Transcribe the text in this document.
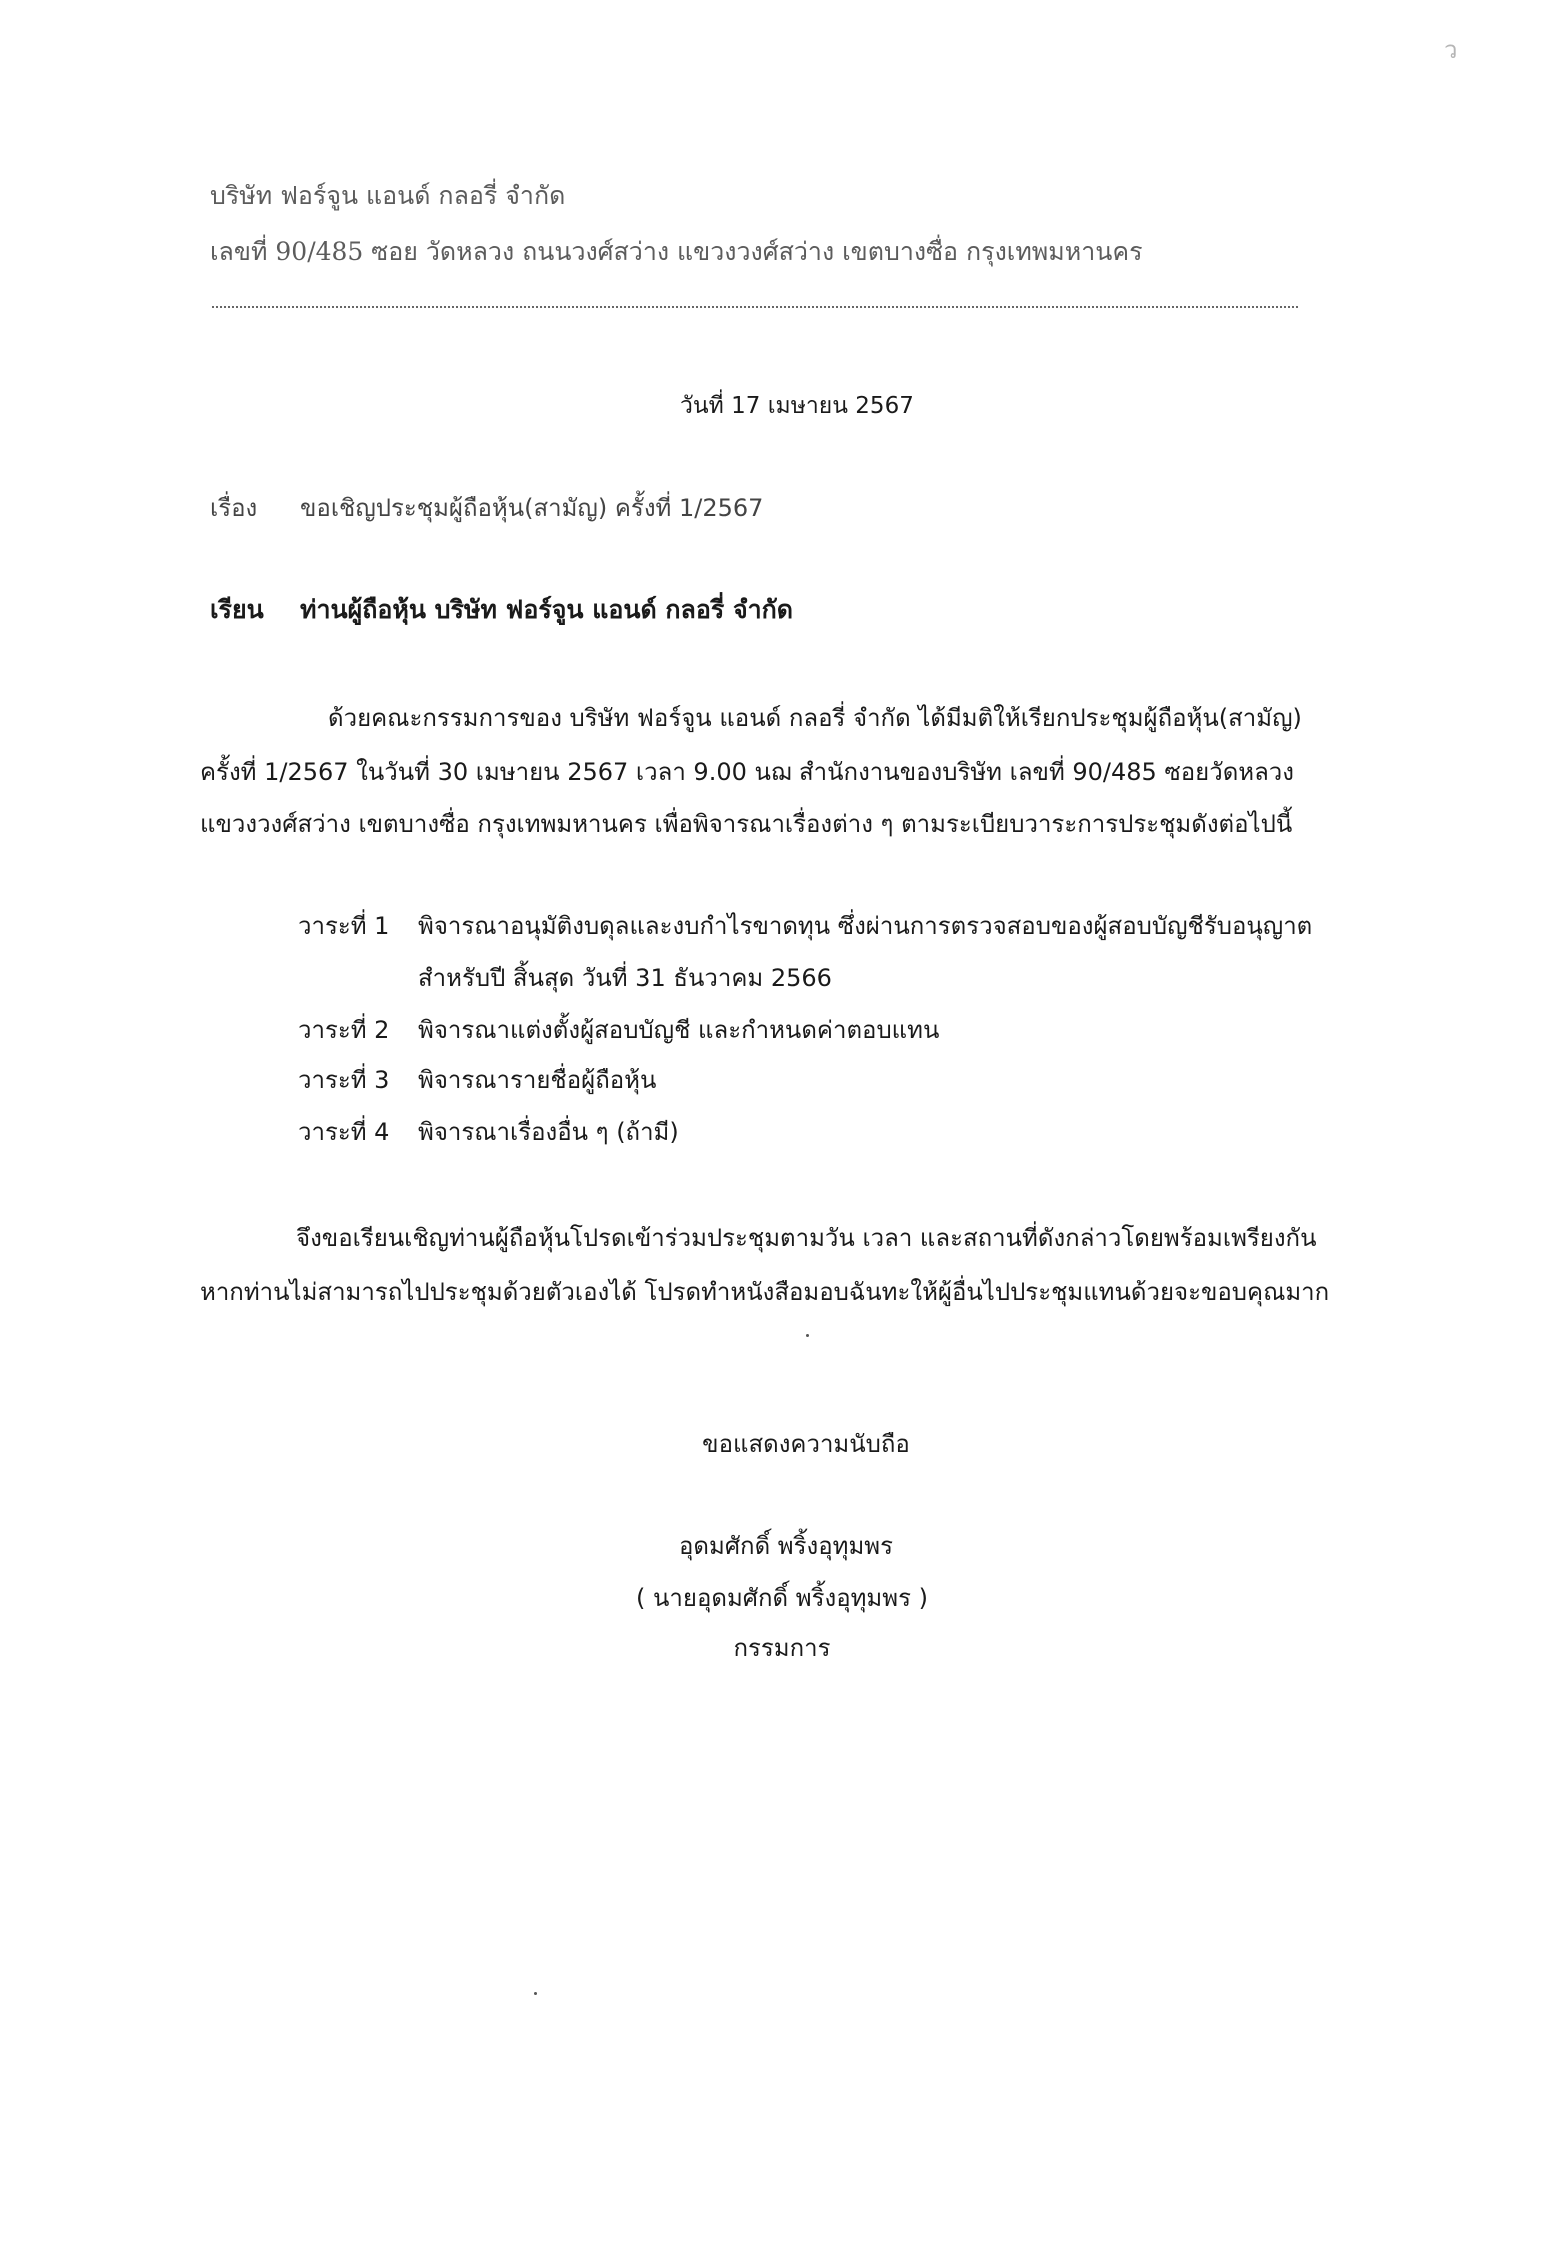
ว
บริษัท ฟอร์จูน แอนด์ กลอรี่ จำกัด
เลขที่ 90/485 ซอย วัดหลวง ถนนวงศ์สว่าง แขวงวงศ์สว่าง เขตบางซื่อ กรุงเทพมหานคร
วันที่ 17 เมษายน 2567
เรื่อง ขอเชิญประชุมผู้ถือหุ้น(สามัญ) ครั้งที่ 1/2567
เรียน ท่านผู้ถือหุ้น บริษัท ฟอร์จูน แอนด์ กลอรี่ จำกัด
ด้วยคณะกรรมการของ บริษัท ฟอร์จูน แอนด์ กลอรี่ จำกัด ได้มีมติให้เรียกประชุมผู้ถือหุ้น(สามัญ)
ครั้งที่ 1/2567 ในวันที่ 30 เมษายน 2567 เวลา 9.00 นฌ สำนักงานของบริษัท เลขที่ 90/485 ซอยวัดหลวง
แขวงวงศ์สว่าง เขตบางซื่อ กรุงเทพมหานคร เพื่อพิจารณาเรื่องต่าง ๆ ตามระเบียบวาระการประชุมดังต่อไปนี้
วาระที่ 1 พิจารณาอนุมัติงบดุลและงบกำไรขาดทุน ซึ่งผ่านการตรวจสอบของผู้สอบบัญชีรับอนุญาต
สำหรับปี สิ้นสุด วันที่ 31 ธันวาคม 2566
วาระที่ 2 พิจารณาแต่งตั้งผู้สอบบัญชี และกำหนดค่าตอบแทน
วาระที่ 3 พิจารณารายชื่อผู้ถือหุ้น
วาระที่ 4 พิจารณาเรื่องอื่น ๆ (ถ้ามี)
จึงขอเรียนเชิญท่านผู้ถือหุ้นโปรดเข้าร่วมประชุมตามวัน เวลา และสถานที่ดังกล่าวโดยพร้อมเพรียงกัน
หากท่านไม่สามารถไปประชุมด้วยตัวเองได้ โปรดทำหนังสือมอบฉันทะให้ผู้อื่นไปประชุมแทนด้วยจะขอบคุณมาก
ขอแสดงความนับถือ
อุดมศักดิ์ พริ้งอุทุมพร
( นายอุดมศักดิ์ พริ้งอุทุมพร )
กรรมการ
